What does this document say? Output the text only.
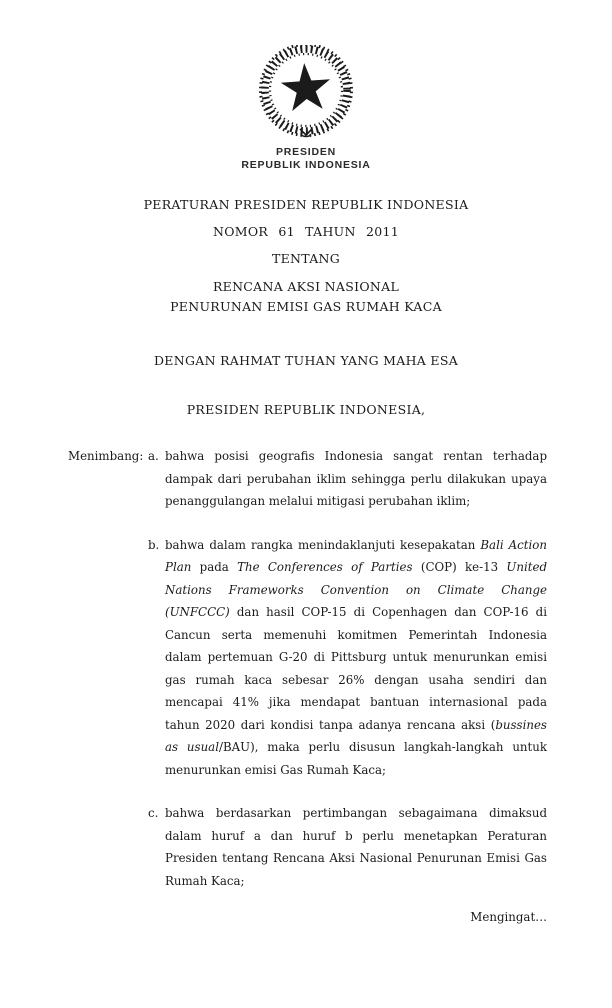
PRESIDEN
REPUBLIK INDONESIA
PERATURAN PRESIDEN REPUBLIK INDONESIA
NOMOR 61 TAHUN 2011
TENTANG
RENCANA AKSI NASIONAL
PENURUNAN EMISI GAS RUMAH KACA
DENGAN RAHMAT TUHAN YANG MAHA ESA
PRESIDEN REPUBLIK INDONESIA,
Menimbang: a. bahwa posisi geografis Indonesia sangat rentan terhadap dampak dari perubahan iklim sehingga perlu dilakukan upaya penanggulangan melalui mitigasi perubahan iklim;
b. bahwa dalam rangka menindaklanjuti kesepakatan Bali Action Plan pada The Conferences of Parties (COP) ke-13 United Nations Frameworks Convention on Climate Change (UNFCCC) dan hasil COP-15 di Copenhagen dan COP-16 di Cancun serta memenuhi komitmen Pemerintah Indonesia dalam pertemuan G-20 di Pittsburg untuk menurunkan emisi gas rumah kaca sebesar 26% dengan usaha sendiri dan mencapai 41% jika mendapat bantuan internasional pada tahun 2020 dari kondisi tanpa adanya rencana aksi (bussines as usual/BAU), maka perlu disusun langkah-langkah untuk menurunkan emisi Gas Rumah Kaca;
c. bahwa berdasarkan pertimbangan sebagaimana dimaksud dalam huruf a dan huruf b perlu menetapkan Peraturan Presiden tentang Rencana Aksi Nasional Penurunan Emisi Gas Rumah Kaca;
Mengingat…
